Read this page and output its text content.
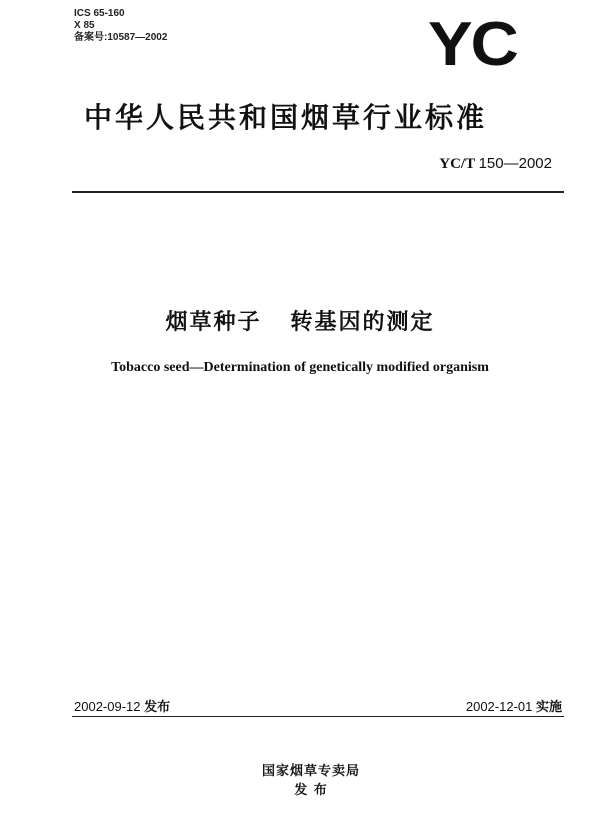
ICS 65-160
X 85
备案号:10587—2002	YC
中华人民共和国烟草行业标准
YC/T 150—2002
烟草种子   转基因的测定
Tobacco seed—Determination of genetically modified organism
2002-09-12 发布	2002-12-01 实施

国家烟草专卖局
发 布
